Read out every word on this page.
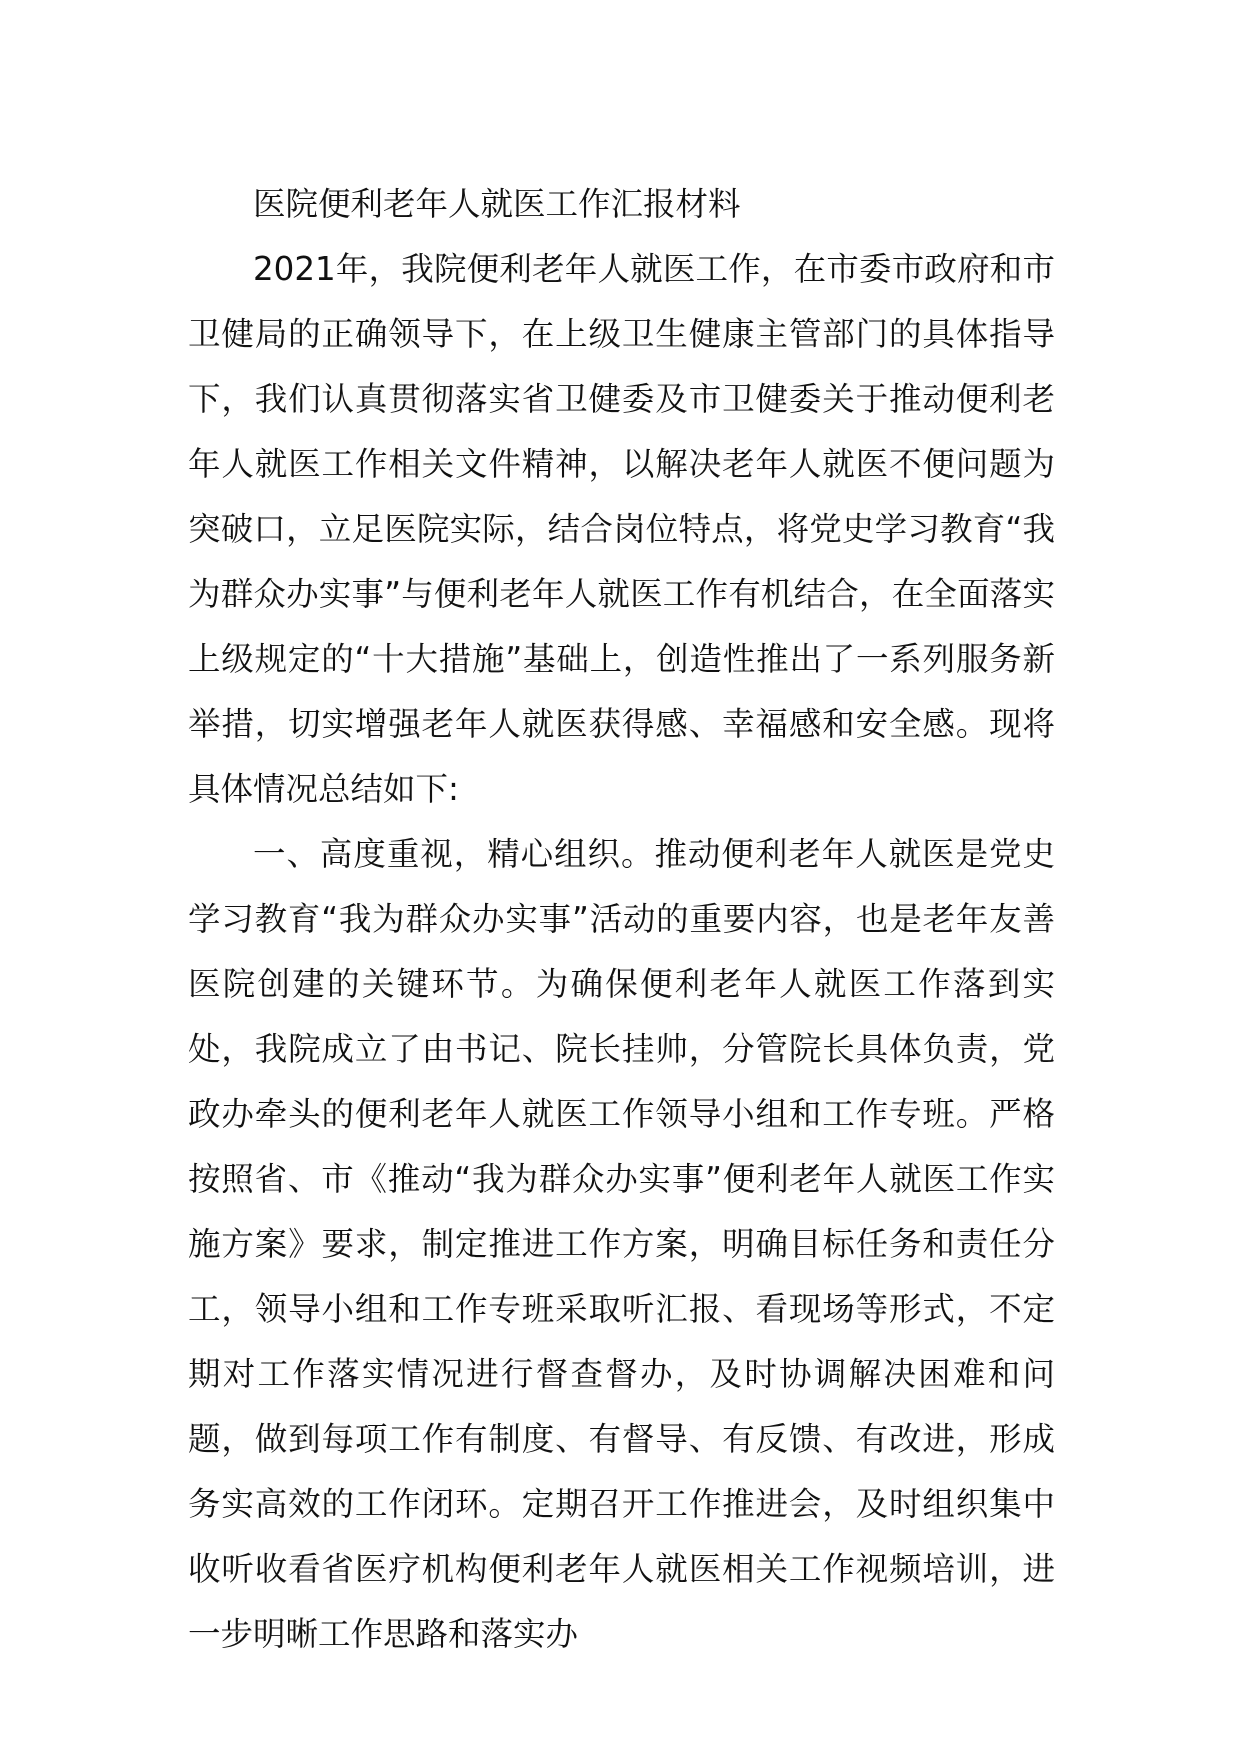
医院便利老年人就医工作汇报材料

2021年，我院便利老年人就医工作，在市委市政府和市卫健局的正确领导下，在上级卫生健康主管部门的具体指导下，我们认真贯彻落实省卫健委及市卫健委关于推动便利老年人就医工作相关文件精神，以解决老年人就医不便问题为突破口，立足医院实际，结合岗位特点，将党史学习教育“我为群众办实事”与便利老年人就医工作有机结合，在全面落实上级规定的“十大措施”基础上，创造性推出了一系列服务新举措，切实增强老年人就医获得感、幸福感和安全感。现将具体情况总结如下:

一、高度重视，精心组织。推动便利老年人就医是党史学习教育“我为群众办实事”活动的重要内容，也是老年友善医院创建的关键环节。为确保便利老年人就医工作落到实处，我院成立了由书记、院长挂帅，分管院长具体负责，党政办牵头的便利老年人就医工作领导小组和工作专班。严格按照省、市《推动“我为群众办实事”便利老年人就医工作实施方案》要求，制定推进工作方案，明确目标任务和责任分工，领导小组和工作专班采取听汇报、看现场等形式，不定期对工作落实情况进行督查督办，及时协调解决困难和问题，做到每项工作有制度、有督导、有反馈、有改进，形成务实高效的工作闭环。定期召开工作推进会，及时组织集中收听收看省医疗机构便利老年人就医相关工作视频培训，进一步明晰工作思路和落实办
